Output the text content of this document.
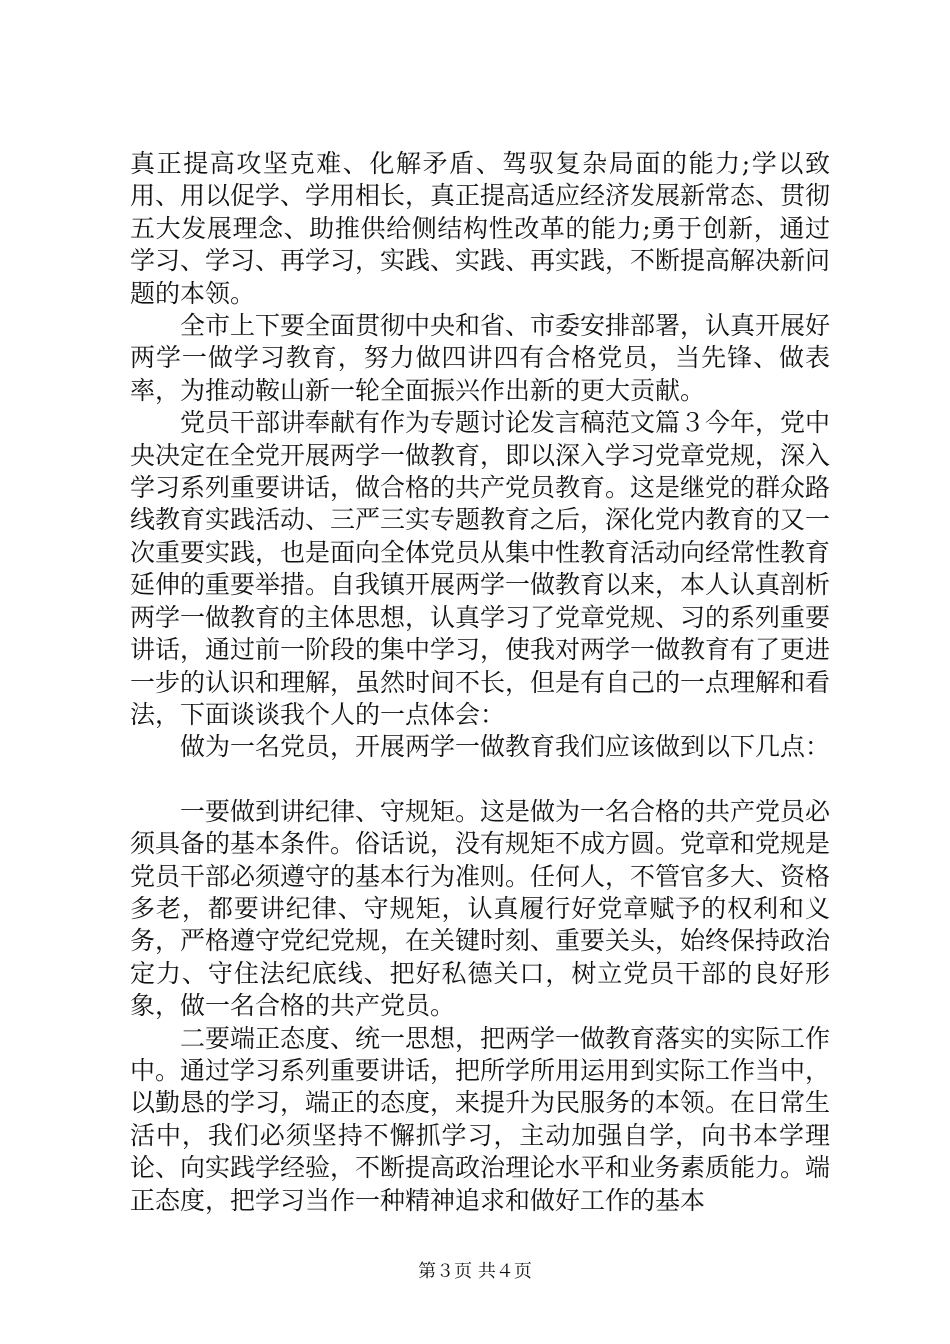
真正提高攻坚克难、化解矛盾、驾驭复杂局面的能力;学以致用、用以促学、学用相长，真正提高适应经济发展新常态、贯彻五大发展理念、助推供给侧结构性改革的能力;勇于创新，通过学习、学习、再学习，实践、实践、再实践，不断提高解决新问题的本领。

全市上下要全面贯彻中央和省、市委安排部署，认真开展好两学一做学习教育，努力做四讲四有合格党员，当先锋、做表率，为推动鞍山新一轮全面振兴作出新的更大贡献。

党员干部讲奉献有作为专题讨论发言稿范文篇３今年，党中央决定在全党开展两学一做教育，即以深入学习党章党规，深入学习系列重要讲话，做合格的共产党员教育。这是继党的群众路线教育实践活动、三严三实专题教育之后，深化党内教育的又一次重要实践，也是面向全体党员从集中性教育活动向经常性教育延伸的重要举措。自我镇开展两学一做教育以来，本人认真剖析两学一做教育的主体思想，认真学习了党章党规、习的系列重要讲话，通过前一阶段的集中学习，使我对两学一做教育有了更进一步的认识和理解，虽然时间不长，但是有自己的一点理解和看法，下面谈谈我个人的一点体会：

做为一名党员，开展两学一做教育我们应该做到以下几点：

一要做到讲纪律、守规矩。这是做为一名合格的共产党员必须具备的基本条件。俗话说，没有规矩不成方圆。党章和党规是党员干部必须遵守的基本行为准则。任何人，不管官多大、资格多老，都要讲纪律、守规矩，认真履行好党章赋予的权利和义务，严格遵守党纪党规，在关键时刻、重要关头，始终保持政治定力、守住法纪底线、把好私德关口，树立党员干部的良好形象，做一名合格的共产党员。

二要端正态度、统一思想，把两学一做教育落实的实际工作中。通过学习系列重要讲话，把所学所用运用到实际工作当中，以勤恳的学习，端正的态度，来提升为民服务的本领。在日常生活中，我们必须坚持不懈抓学习，主动加强自学，向书本学理论、向实践学经验，不断提高政治理论水平和业务素质能力。端正态度，把学习当作一种精神追求和做好工作的基本

第３页 共４页
